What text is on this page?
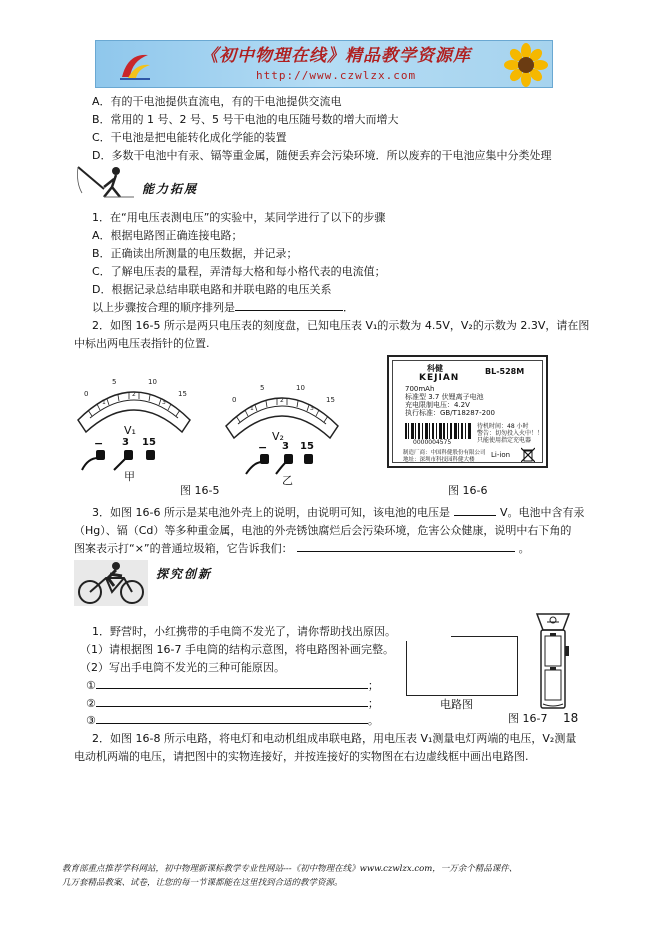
《初中物理在线》精品教学资源库
http://www.czwlzx.com
A．有的干电池提供直流电，有的干电池提供交流电
B．常用的 1 号、2 号、5 号干电池的电压随号数的增大而增大
C．干电池是把电能转化成化学能的装置
D．多数干电池中有汞、镉等重金属，随便丢弃会污染环境．所以废弃的干电池应集中分类处理
能力拓展
1．在“用电压表测电压”的实验中，某同学进行了以下的步骤
A．根据电路图正确连接电路；
B．正确读出所测量的电压数据，并记录；
C．了解电压表的量程，弄清每大格和每小格代表的电流值；
D．根据记录总结串联电路和并联电路的电压关系
以上步骤按合理的顺序排列是	．
2．如图 16-5 所示是两只电压表的刻度盘，已知电压表 V₁的示数为 4.5V，V₂的示数为 2.3V，请在图
中标出两电压表指针的位置.
0
5	10
15
1
2
3
V₁
− 3 15
甲
0
5	10
15
1
2
3
V₂
− 3 15
乙
图 16-5
科健
KEJIAN
BL-528M
700mAh
标准型 3.7 伏锂离子电池
充电限制电压：4.2V
执行标准：GB/T18287-200
0000004575
待机时间：48 小时
警告：切勿投入火中！！
只能使用指定充电器
制造厂商：中国科健股份有限公司
地址：深圳市科技园科健大楼
Li-ion
图 16-6
3．如图 16-6 所示是某电池外壳上的说明，由说明可知，该电池的电压是	V。电池中含有汞
（Hg）、镉（Cd）等多种重金属，电池的外壳锈蚀腐烂后会污染环境，危害公众健康，说明中右下角的
图案表示打“×”的普通垃圾箱，它告诉我们：	。
探究创新
1．野营时，小红携带的手电筒不发光了，请你帮助找出原因。
（1）请根据图 16-7 手电筒的结构示意图，将电路图补画完整。
（2）写出手电筒不发光的三种可能原因。
①	；
②	；
③	。
电路图
图 16-7 18
2．如图 16-8 所示电路，将电灯和电动机组成串联电路，用电压表 V₁测量电灯两端的电压，V₂测量
电动机两端的电压，请把图中的实物连接好，并按连接好的实物图在右边虚线框中画出电路图.
教育部重点推荐学科网站，初中物理新课标教学专业性网站---《初中物理在线》www.czwlzx.com，一万余个精品课件、
几万套精品教案、试卷，让您的每一节课都能在这里找到合适的教学资源。
